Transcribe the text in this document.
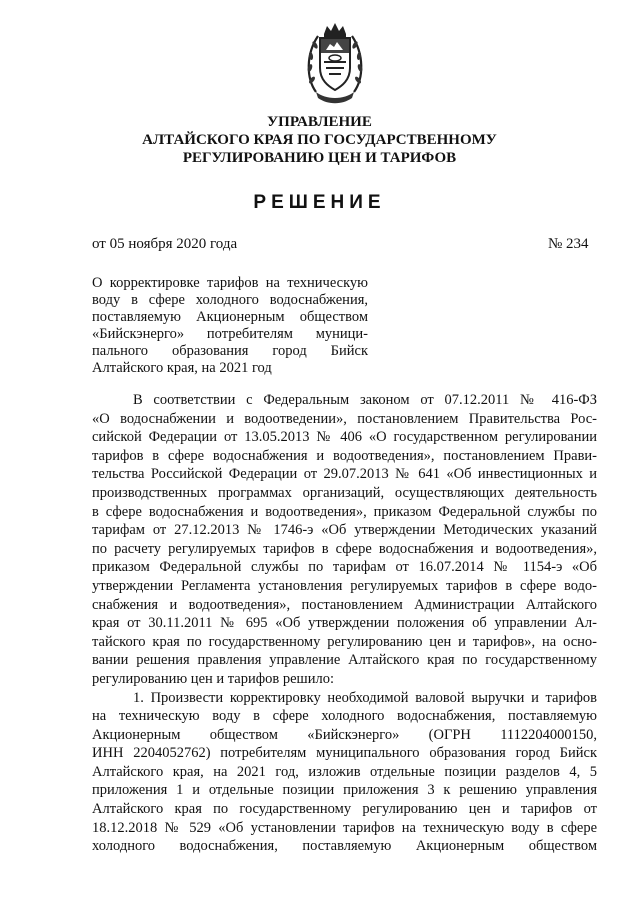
УПРАВЛЕНИЕ
АЛТАЙСКОГО КРАЯ ПО ГОСУДАРСТВЕННОМУ
РЕГУЛИРОВАНИЮ ЦЕН И ТАРИФОВ
РЕШЕНИЕ
от 05 ноября 2020 года	№ 234
О корректировке тарифов на техническую
воду в сфере холодного водоснабжения,
поставляемую Акционерным обществом
«Бийскэнерго» потребителям муници-
пального образования город Бийск
Алтайского края, на 2021 год
В соответствии с Федеральным законом от 07.12.2011 № 416-ФЗ
«О водоснабжении и водоотведении», постановлением Правительства Рос-
сийской Федерации от 13.05.2013 № 406 «О государственном регулировании
тарифов в сфере водоснабжения и водоотведения», постановлением Прави-
тельства Российской Федерации от 29.07.2013 № 641 «Об инвестиционных и
производственных программах организаций, осуществляющих деятельность
в сфере водоснабжения и водоотведения», приказом Федеральной службы по
тарифам от 27.12.2013 № 1746-э «Об утверждении Методических указаний
по расчету регулируемых тарифов в сфере водоснабжения и водоотведения»,
приказом Федеральной службы по тарифам от 16.07.2014 № 1154-э «Об
утверждении Регламента установления регулируемых тарифов в сфере водо-
снабжения и водоотведения», постановлением Администрации Алтайского
края от 30.11.2011 № 695 «Об утверждении положения об управлении Ал-
тайского края по государственному регулированию цен и тарифов», на осно-
вании решения правления управление Алтайского края по государственному
регулированию цен и тарифов решило:
1. Произвести корректировку необходимой валовой выручки и тарифов
на техническую воду в сфере холодного водоснабжения, поставляемую
Акционерным обществом «Бийскэнерго» (ОГРН 1112204000150,
ИНН 2204052762) потребителям муниципального образования город Бийск
Алтайского края, на 2021 год, изложив отдельные позиции разделов 4, 5
приложения 1 и отдельные позиции приложения 3 к решению управления
Алтайского края по государственному регулированию цен и тарифов от
18.12.2018 № 529 «Об установлении тарифов на техническую воду в сфере
холодного водоснабжения, поставляемую Акционерным обществом
